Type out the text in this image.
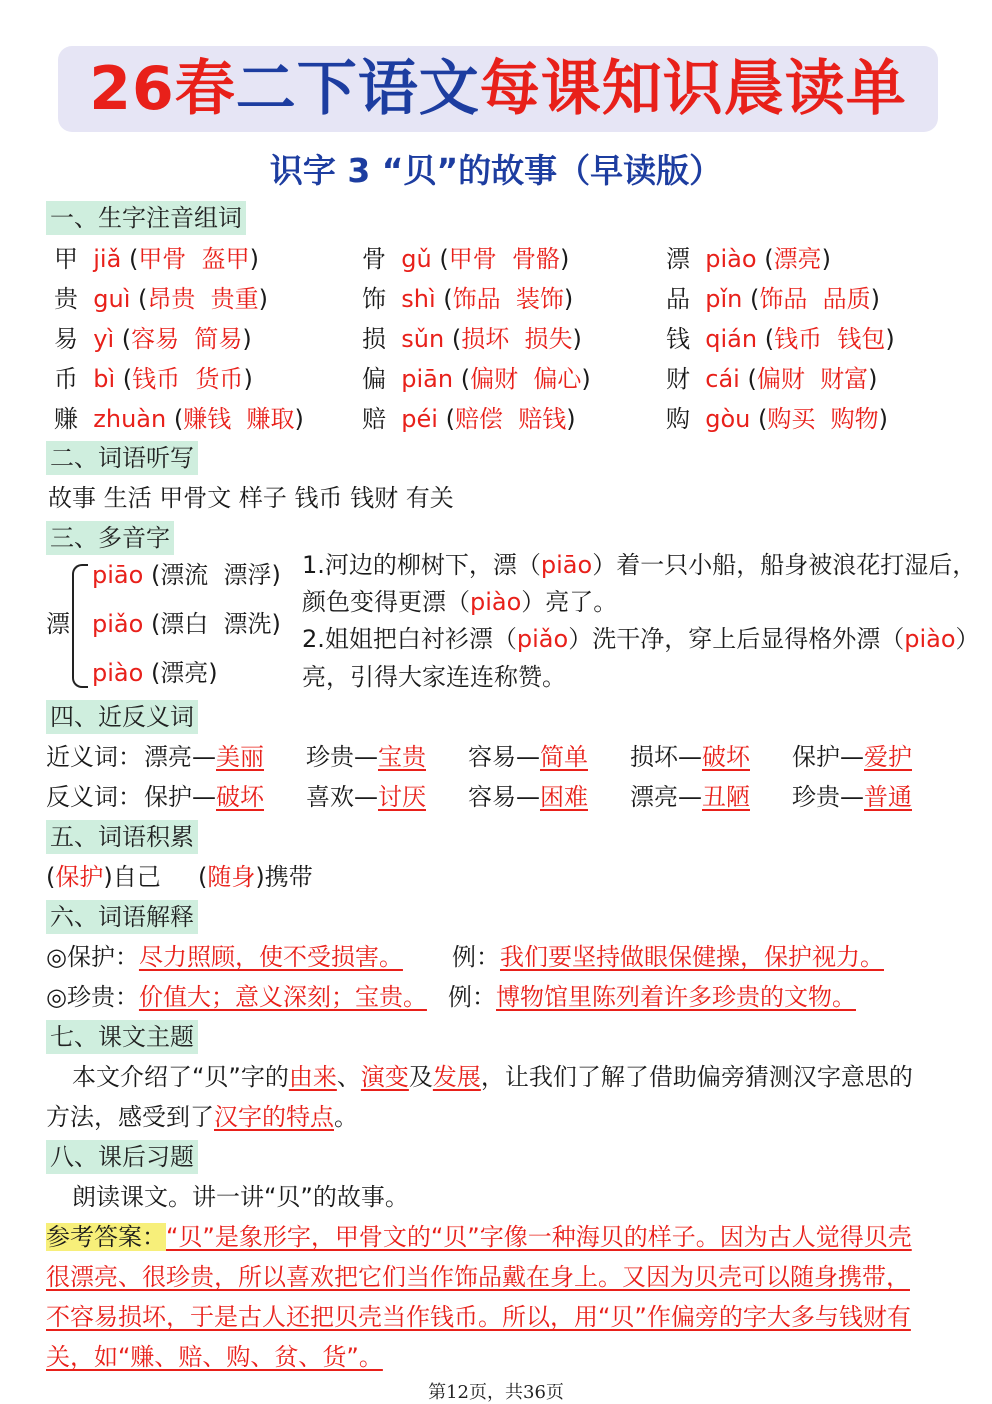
26春 二下语文 每课知识晨读单
识字 3 “贝”的故事（早读版）
一、生字注音组词
甲 jiǎ (甲骨  盔甲)
贵 guì (昂贵  贵重)
易 yì (容易  简易)
币 bì (钱币  货币)
赚 zhuàn (赚钱  赚取)
骨 gǔ (甲骨  骨骼)
饰 shì (饰品  装饰)
损 sǔn (损坏  损失)
偏 piān (偏财  偏心)
赔 péi (赔偿  赔钱)
漂 piào (漂亮)
品 pǐn (饰品  品质)
钱 qián (钱币  钱包)
财 cái (偏财  财富)
购 gòu (购买  购物)
二、词语听写
故事 生活 甲骨文 样子 钱币 钱财 有关
三、多音字
漂
piāo (漂流  漂浮)
piǎo (漂白  漂洗)
piào (漂亮)
1.河边的柳树下，漂（piāo）着一只小船，船身被浪花打湿后，
颜色变得更漂（piào）亮了。
2.姐姐把白衬衫漂（piǎo）洗干净，穿上后显得格外漂（piào）
亮，引得大家连连称赞。
四、近反义词
近义词： 漂亮—美丽 珍贵—宝贵 容易—简单 损坏—破坏 保护—爱护
反义词： 保护—破坏 喜欢—讨厌 容易—困难 漂亮—丑陋 珍贵—普通
五、词语积累
(保护)自己 (随身)携带
六、词语解释
◎保护：尽力照顾，使不受损害。 例：我们要坚持做眼保健操，保护视力。
◎珍贵：价值大；意义深刻；宝贵。 例：博物馆里陈列着许多珍贵的文物。
七、课文主题
本文介绍了“贝”字的由来、演变及发展，让我们了解了借助偏旁猜测汉字意思的
方法，感受到了汉字的特点。
八、课后习题
朗读课文。讲一讲“贝”的故事。
参考答案：“贝”是象形字，甲骨文的“贝”字像一种海贝的样子。因为古人觉得贝壳
很漂亮、很珍贵，所以喜欢把它们当作饰品戴在身上。又因为贝壳可以随身携带，
不容易损坏，于是古人还把贝壳当作钱币。所以，用“贝”作偏旁的字大多与钱财有
关，如“赚、赔、购、贫、货”。
第12页，共36页
